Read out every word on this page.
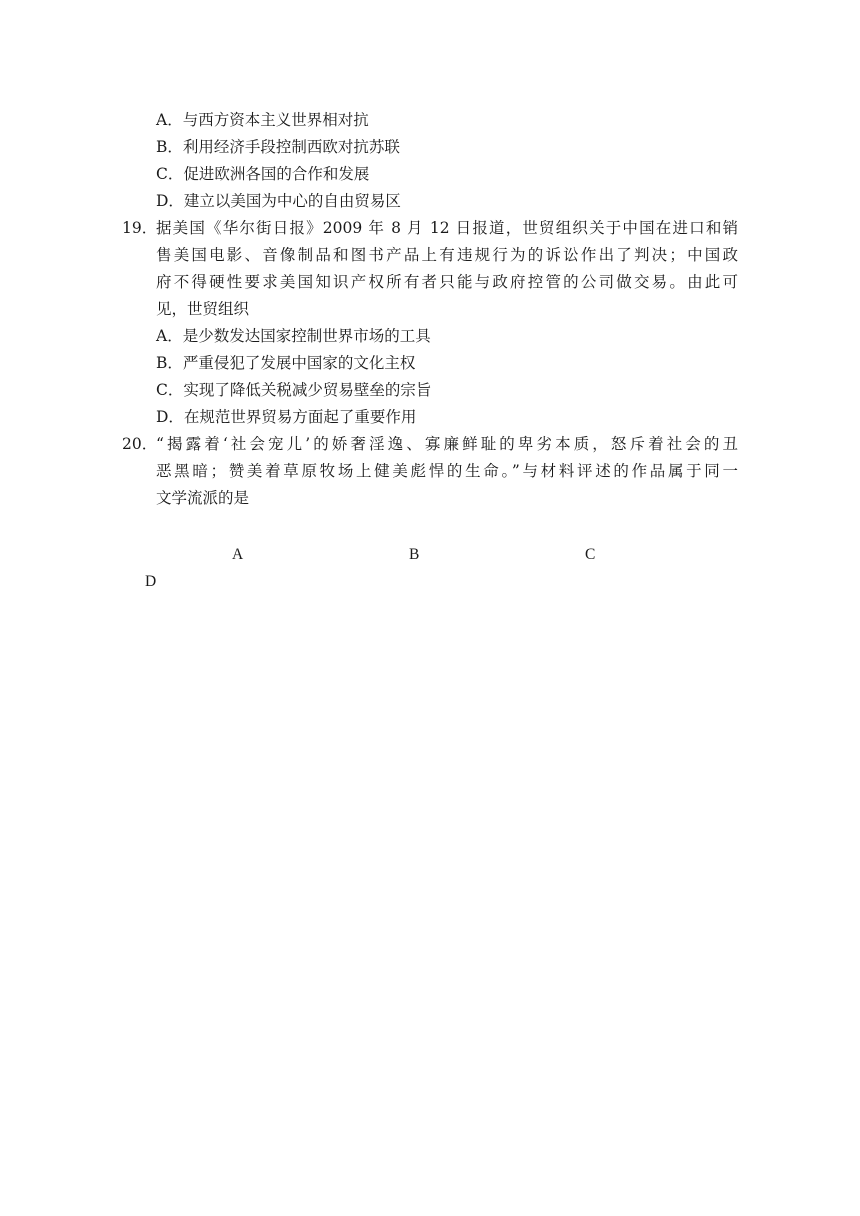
A．与西方资本主义世界相对抗
B．利用经济手段控制西欧对抗苏联
C．促进欧洲各国的合作和发展
D．建立以美国为中心的自由贸易区
19．
据美国《华尔街日报》2009 年 8 月 12 日报道，世贸组织关于中国在进口和销
售美国电影、音像制品和图书产品上有违规行为的诉讼作出了判决；中国政
府不得硬性要求美国知识产权所有者只能与政府控管的公司做交易。由此可
见，世贸组织
A．是少数发达国家控制世界市场的工具
B．严重侵犯了发展中国家的文化主权
C．实现了降低关税减少贸易壁垒的宗旨
D．在规范世界贸易方面起了重要作用
20．
“揭露着‘社会宠儿’的娇奢淫逸、寡廉鲜耻的卑劣本质，怒斥着社会的丑
恶黑暗；赞美着草原牧场上健美彪悍的生命。”与材料评述的作品属于同一
文学流派的是
A	B	C
D
